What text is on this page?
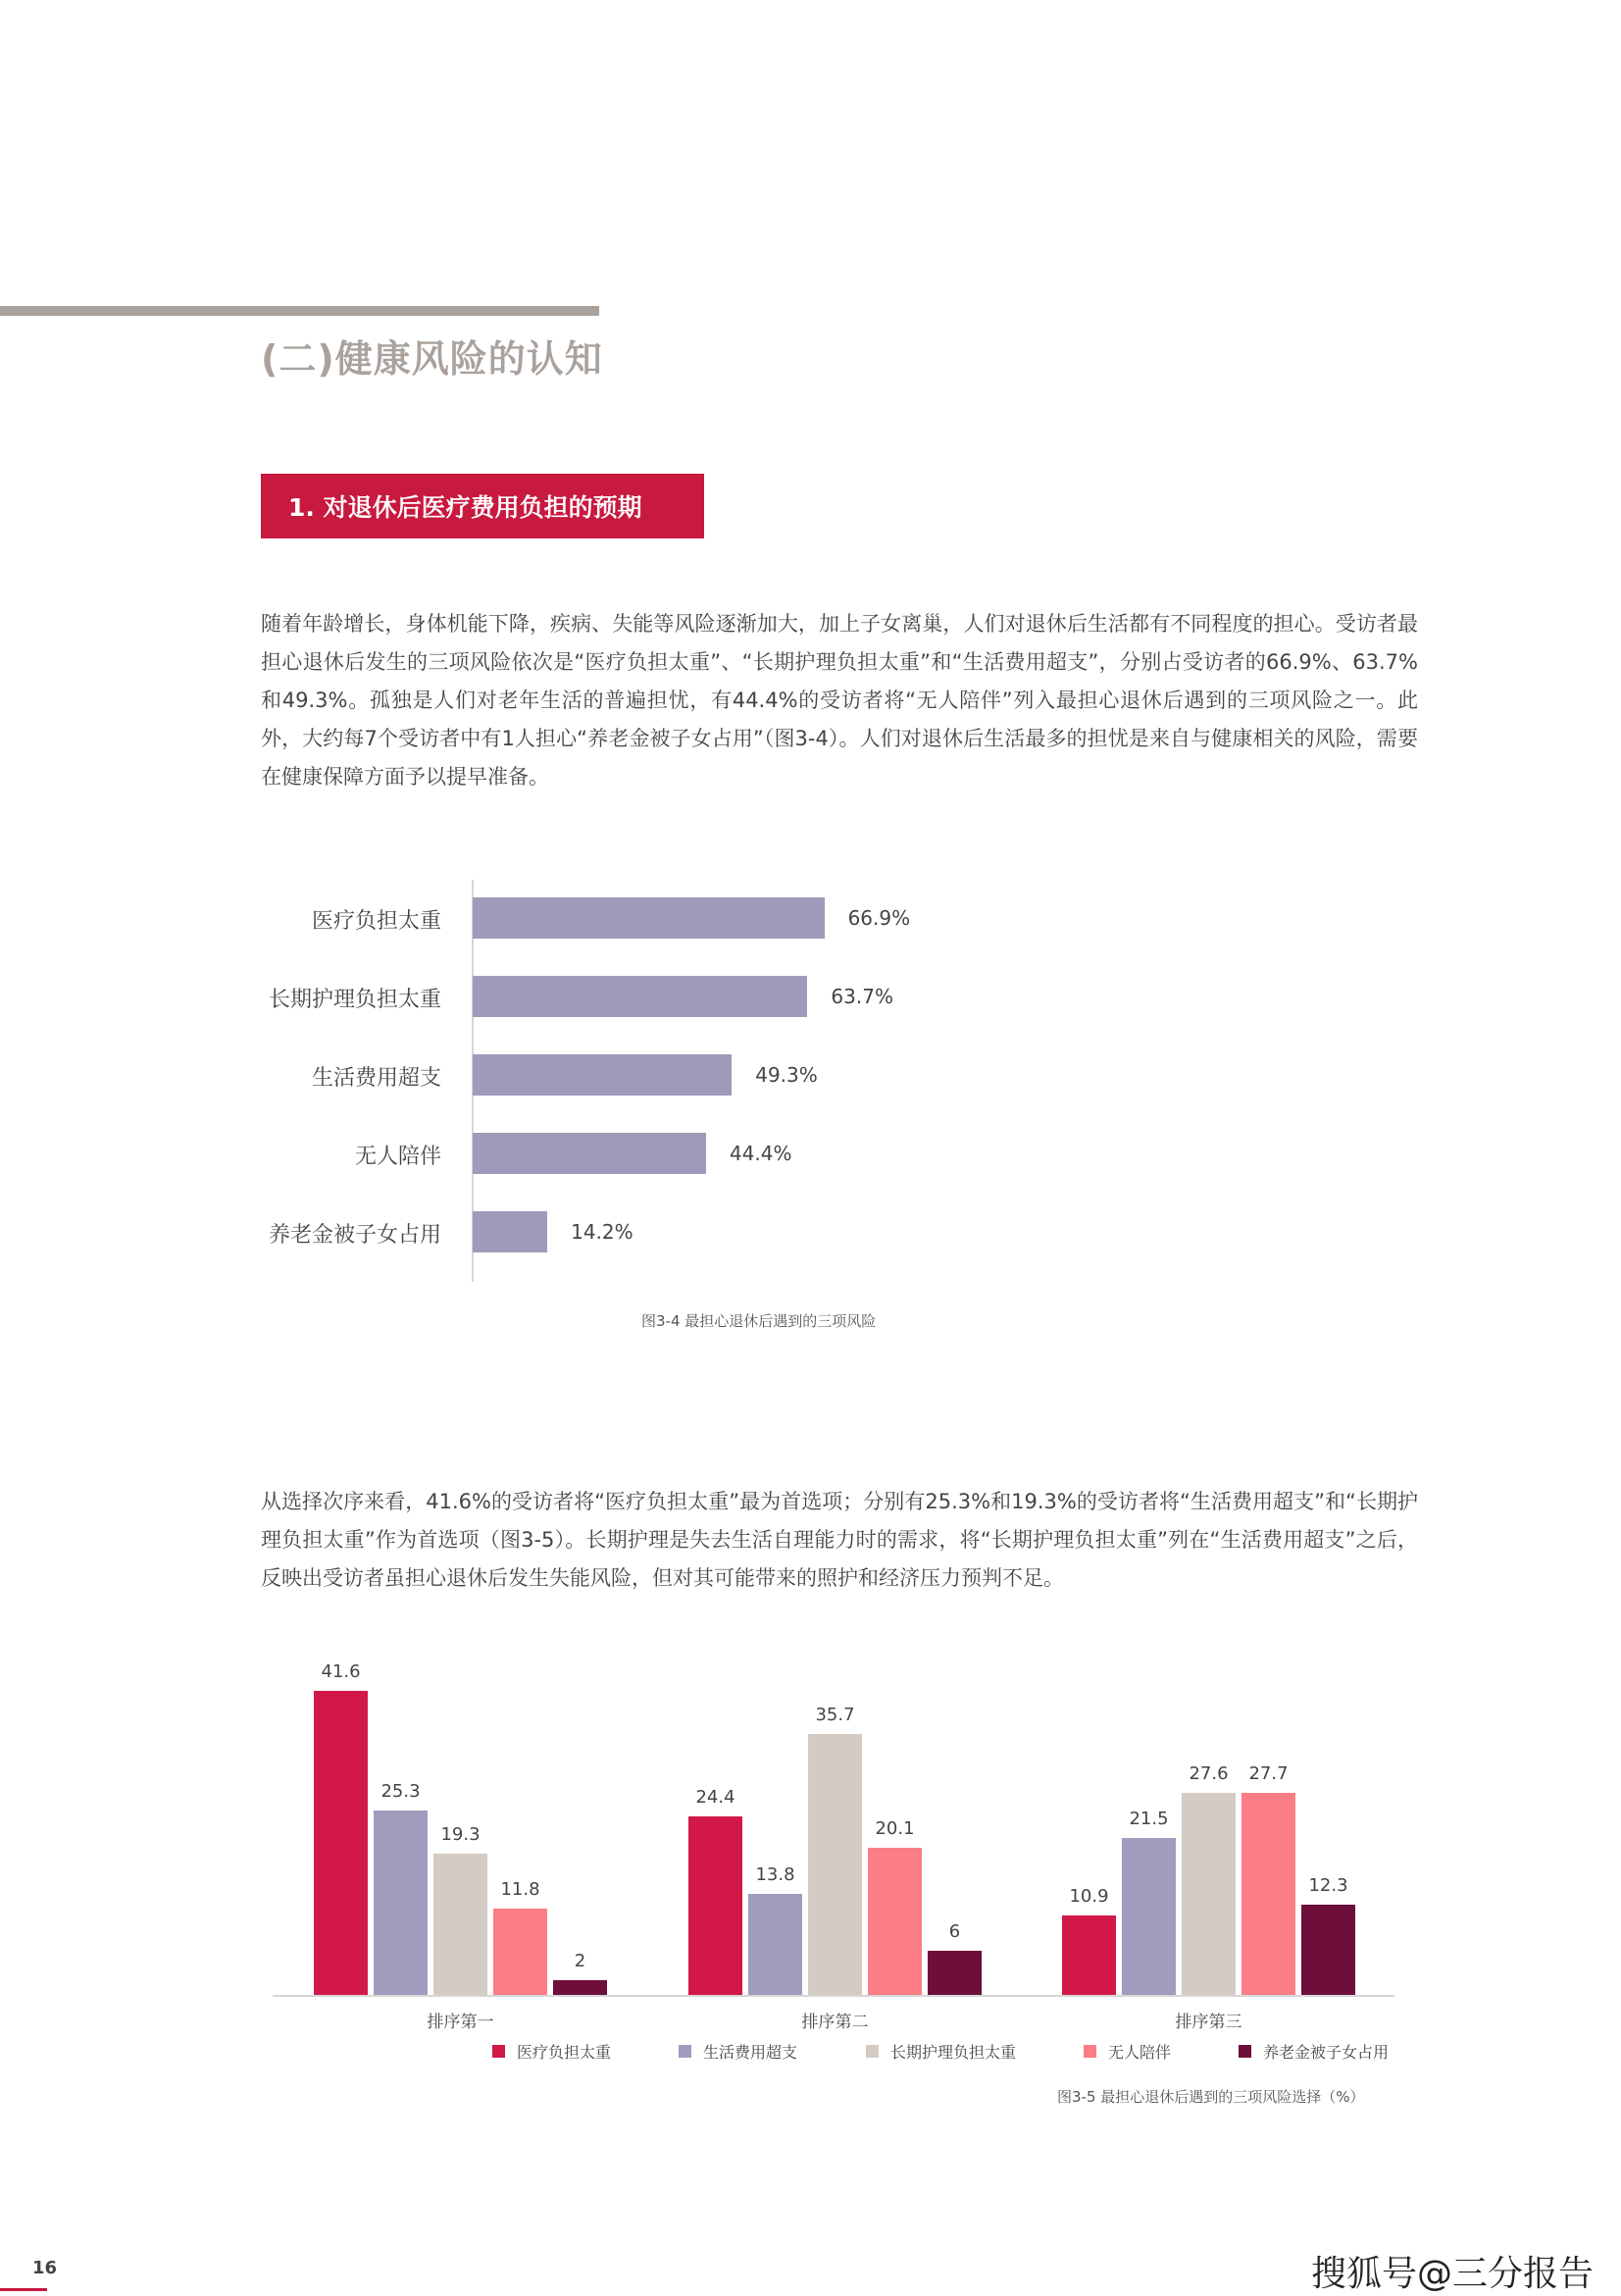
(二)健康风险的认知
1. 对退休后医疗费用负担的预期

随着年龄增长，身体机能下降，疾病、失能等风险逐渐加大，加上子女离巢，人们对退休后生活都有不同程度的担心。受访者最担心退休后发生的三项风险依次是“医疗负担太重”、“长期护理负担太重”和“生活费用超支”，分别占受访者的66.9%、63.7%和49.3%。孤独是人们对老年生活的普遍担忧，有44.4%的受访者将“无人陪伴”列入最担心退休后遇到的三项风险之一。此外，大约每7个受访者中有1人担心“养老金被子女占用”（图3-4）。人们对退休后生活最多的担忧是来自与健康相关的风险，需要在健康保障方面予以提早准备。

医疗负担太重	66.9%
长期护理负担太重	63.7%
生活费用超支	49.3%
无人陪伴	44.4%
养老金被子女占用	14.2%
图3-4 最担心退休后遇到的三项风险

从选择次序来看，41.6%的受访者将“医疗负担太重”最为首选项；分别有25.3%和19.3%的受访者将“生活费用超支”和“长期护理负担太重”作为首选项（图3-5）。长期护理是失去生活自理能力时的需求，将“长期护理负担太重”列在“生活费用超支”之后，反映出受访者虽担心退休后发生失能风险，但对其可能带来的照护和经济压力预判不足。

41.6
25.3
19.3
11.8
2
排序第一
24.4
13.8
35.7
20.1
6
排序第二
10.9
21.5
27.6	27.7
12.3
排序第三
医疗负担太重	生活费用超支	长期护理负担太重	无人陪伴	养老金被子女占用
图3-5 最担心退休后遇到的三项风险选择（%）
16	搜狐号@三分报告
